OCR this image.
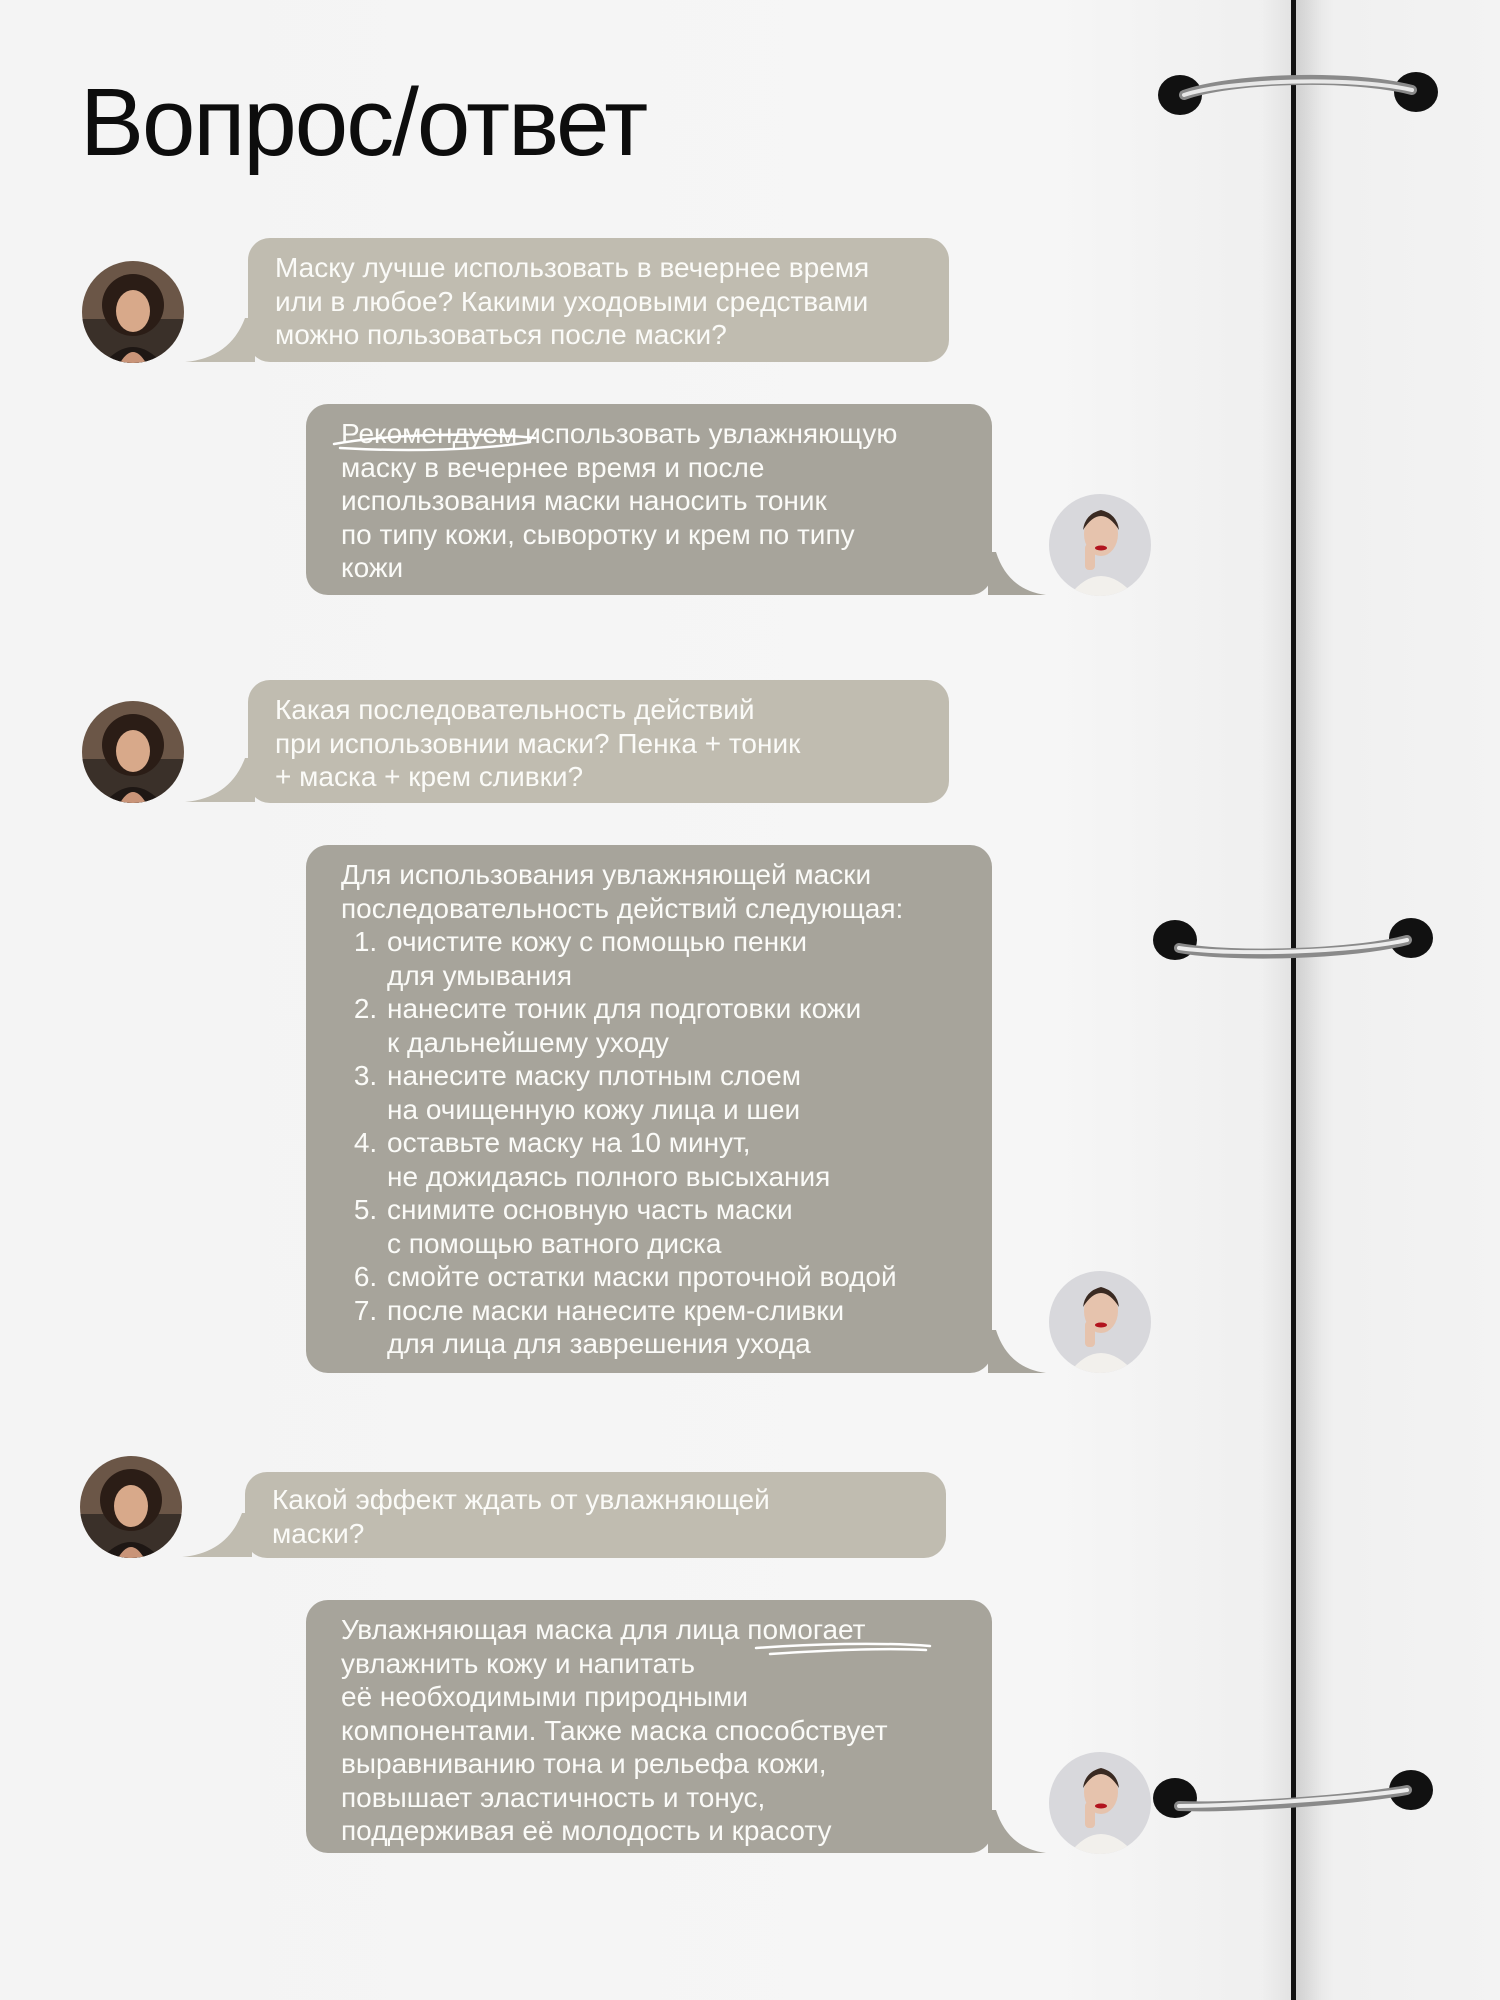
Вопрос/ответ

Маску лучше использовать в вечернее время
или в любое? Какими уходовыми средствами
можно пользоваться после маски?

Рекомендуем использовать увлажняющую
маску в вечернее время и после
использования маски наносить тоник
по типу кожи, сыворотку и крем по типу
кожи

Какая последовательность действий
при использовнии маски? Пенка + тоник
+ маска + крем сливки?

Для использования увлажняющей маски
последовательность действий следующая:

1. очистите кожу с помощью пенки
для умывания
2. нанесите тоник для подготовки кожи
к дальнейшему уходу
3. нанесите маску плотным слоем
на очищенную кожу лица и шеи
4. оставьте маску на 10 минут,
не дожидаясь полного высыхания
5. снимите основную часть маски
с помощью ватного диска
6. смойте остатки маски проточной водой
7. после маски нанесите крем-сливки
для лица для заврешения ухода

Какой эффект ждать от увлажняющей
маски?

Увлажняющая маска для лица помогает
увлажнить кожу и напитать
её необходимыми природными
компонентами. Также маска способствует
выравниванию тона и рельефа кожи,
повышает эластичность и тонус,
поддерживая её молодость и красоту
